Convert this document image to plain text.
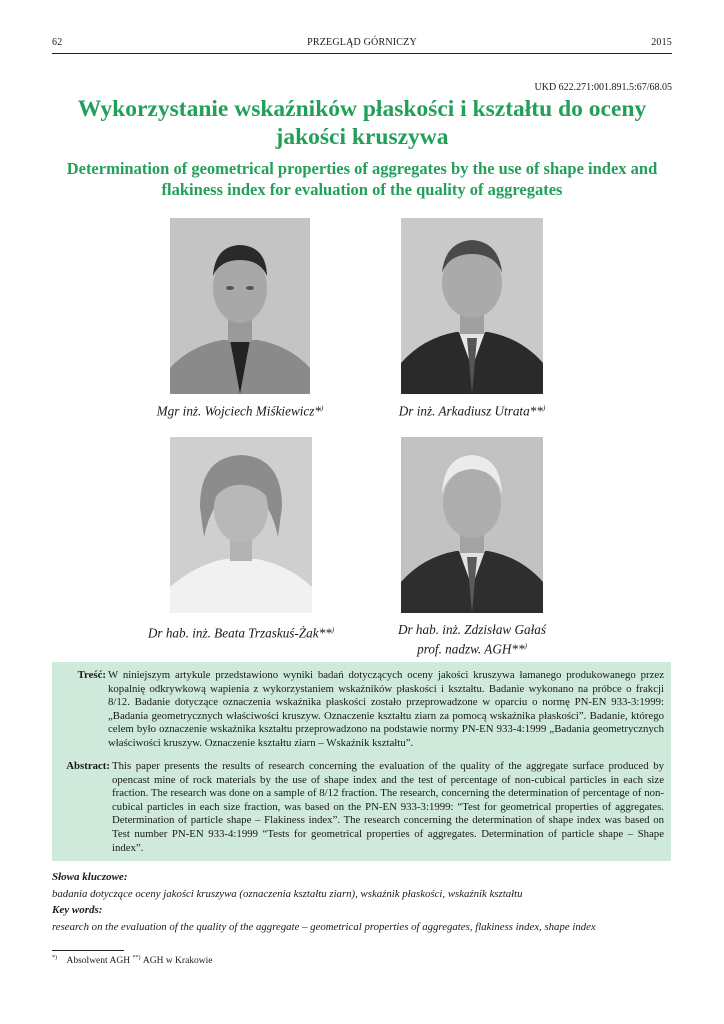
62	PRZEGLĄD GÓRNICZY	2015
UKD 622.271:001.891.5:67/68.05
Wykorzystanie wskaźników płaskości i kształtu do oceny jakości kruszywa
Determination of geometrical properties of aggregates by the use of shape index and flakiness index for evaluation of the quality of aggregates
Mgr inż. Wojciech Miśkiewicz*)	Dr inż. Arkadiusz Utrata**)
Dr hab. inż. Beata Trzaskuś-Żak**)	Dr hab. inż. Zdzisław Gałaś
prof. nadzw. AGH**)
Treść: W niniejszym artykule przedstawiono wyniki badań dotyczących oceny jakości kruszywa łamanego produkowanego przez kopalnię odkrywkową wapienia z wykorzystaniem wskaźników płaskości i kształtu. Badanie wykonano na próbce o frakcji 8/12. Badanie dotyczące oznaczenia wskaźnika płaskości zostało przeprowadzone w oparciu o normę PN-EN 933-3:1999: „Badania geometrycznych właściwości kruszyw. Oznaczenie kształtu ziarn za pomocą wskaźnika płaskości”. Badanie, którego celem było oznaczenie wskaźnika kształtu przeprowadzono na podstawie normy PN-EN 933-4:1999 „Badania geometrycznych właściwości kruszyw. Oznaczenie kształtu ziarn – Wskaźnik kształtu”.
Abstract: This paper presents the results of research concerning the evaluation of the quality of the aggregate surface produced by opencast mine of rock materials by the use of shape index and the test of percentage of non-cubical particles in each size fraction. The research was done on a sample of 8/12 fraction. The research, concerning the determination of percentage of non-cubical particles in each size fraction, was based on the PN-EN 933-3:1999: “Test for geometrical properties of aggregates. Determination of particle shape – Flakiness index”. The research concerning the determination of shape index was based on Test number PN-EN 933-4:1999 “Tests for geometrical properties of aggregates. Determination of particle shape – Shape index”.
Słowa kluczowe:
badania dotyczące oceny jakości kruszywa (oznaczenia kształtu ziarn), wskaźnik płaskości, wskaźnik kształtu
Key words:
research on the evaluation of the quality of the aggregate – geometrical properties of aggregates, flakiness index, shape index
*) Absolwent AGH **) AGH w Krakowie
